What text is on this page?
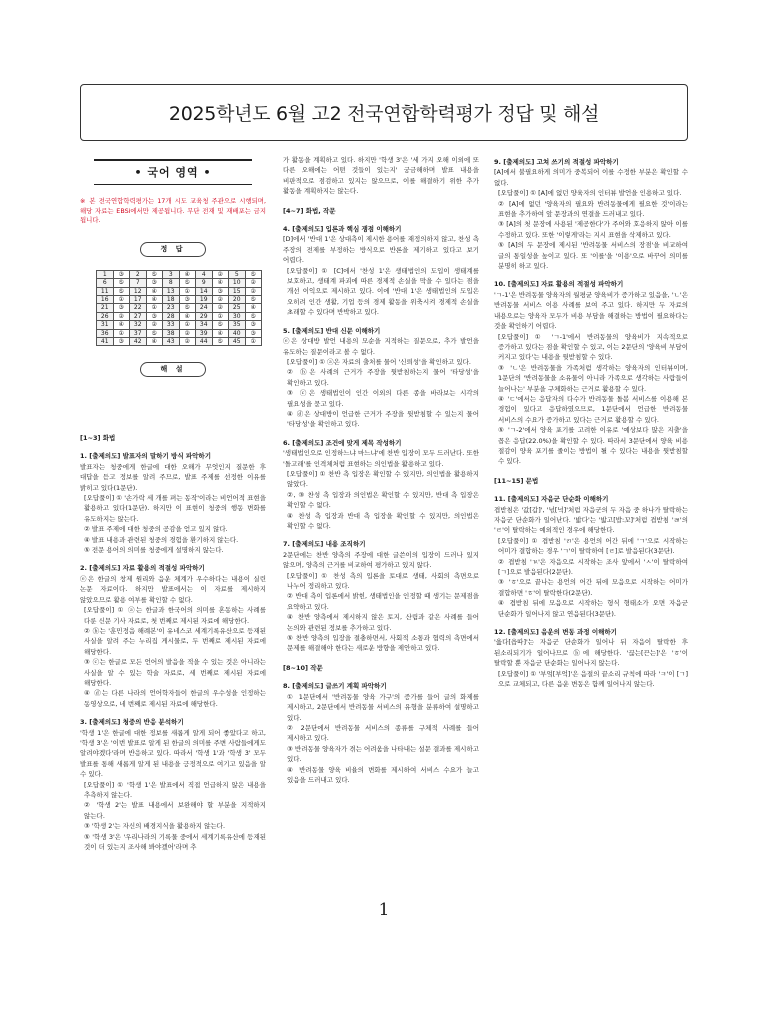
2025학년도 6월 고2 전국연합학력평가 정답 및 해설
• 국어 영역 •
※ 본 전국연합학력평가는 17개 시도 교육청 주관으로 시행되며, 해당 자료는 EBSi에서만 제공됩니다. 무단 전재 및 재배포는 금지됩니다.
정 답
1	③	2	⑤	3	④	4	②	5	⑤
6	⑤	7	③	8	⑤	9	④	10	②
11	⑤	12	④	13	①	14	③	15	②
16	①	17	④	18	③	19	②	20	⑤
21	③	22	①	23	⑤	24	②	25	④
26	②	27	③	28	④	29	①	30	⑤
31	④	32	②	33	①	34	⑤	35	③
36	①	37	⑤	38	②	39	④	40	③
41	③	42	④	43	②	44	⑤	45	①
해 설
[1~3] 화법
1. [출제의도] 발표자의 말하기 방식 파악하기
발표자는 청중에게 한글에 대한 오해가 무엇인지 질문한 후 대답을 듣고 정보를 알려 주므로, 발표 주제를 선정한 이유를 밝히고 있다(1문단).
[오답풀이] ① '손가락 세 개를 펴는 동작'이라는 비언어적 표현을 활용하고 있다(1문단). 하지만 이 표현이 청중의 행동 변화를 유도하지는 않는다.
② 발표 주제에 대한 청중의 공감을 얻고 있지 않다.
④ 발표 내용과 관련된 청중의 경험을 환기하지 않는다.
⑤ 전문 용어의 의미를 청중에게 설명하지 않는다.
2. [출제의도] 자료 활용의 적절성 파악하기
ⓔ은 한글의 창제 원리와 음운 체계가 우수하다는 내용이 실린 논문 자료이다. 하지만 발표에서는 이 자료를 제시하지 않았으므로 활용 여부를 확인할 수 없다.
[오답풀이] ① ⓐ는 한글과 한국어의 의미를 혼동하는 사례를 다룬 신문 기사 자료로, 첫 번째로 제시된 자료에 해당한다.
② ⓑ는 '훈민정음 해례본'이 유네스코 세계기록유산으로 등재된 사실을 알려 주는 누리집 게시물로, 두 번째로 제시된 자료에 해당한다.
③ ⓒ는 한글로 모든 언어의 발음을 적을 수 있는 것은 아니라는 사실을 알 수 있는 학술 자료로, 세 번째로 제시된 자료에 해당한다.
④ ⓓ는 다른 나라의 언어학자들이 한글의 우수성을 인정하는 동영상으로, 네 번째로 제시된 자료에 해당한다.
3. [출제의도] 청중의 반응 분석하기
'학생 1'은 한글에 대한 정보를 새롭게 알게 되어 좋았다고 하고, '학생 3'은 '이번 발표로 알게 된 한글의 의미를 주변 사람들에게도 알려야겠다'라며 반응하고 있다. 따라서 '학생 1'과 '학생 3' 모두 발표를 통해 새롭게 알게 된 내용을 긍정적으로 여기고 있음을 알 수 있다.
[오답풀이] ① '학생 1'은 발표에서 직접 언급하지 않은 내용을 추측하지 않는다.
② '학생 2'는 발표 내용에서 보완해야 할 부분을 지적하지 않는다.
③ '학생 2'는 자신의 배경지식을 활용하지 않는다.
⑤ '학생 3'은 '우리나라의 기록물 중에서 세계기록유산에 등재된 것이 더 있는지 조사해 봐야겠어'라며 추
가 활동을 계획하고 있다. 하지만 '학생 3'은 '세 가지 오해 이외에 또 다른 오해에는 어떤 것들이 있는지' 궁금해하며 발표 내용을 비판적으로 점검하고 있지는 않으므로, 이를 해결하기 위한 추가 활동을 계획하지는 않는다.
[4~7] 화법, 작문
4. [출제의도] 입론과 핵심 쟁점 이해하기
[D]에서 '반대 1'은 상대측이 제시한 용어를 재정의하지 않고, 찬성 측 주장의 전제를 부정하는 방식으로 반론을 제기하고 있다고 보기 어렵다.
[오답풀이] ① [C]에서 '찬성 1'은 생태법인의 도입이 생태계를 보호하고, 생태계 파괴에 따른 경제적 손실을 막을 수 있다는 점을 개선 이익으로 제시하고 있다. 이에 '반대 1'은 생태법인의 도입은 오히려 인간 생활, 기업 등의 경제 활동을 위축시켜 경제적 손실을 초래할 수 있다며 반박하고 있다.
5. [출제의도] 반대 신문 이해하기
ⓔ은 상대방 발언 내용의 모순을 지적하는 질문으로, 추가 발언을 유도하는 질문이라고 볼 수 없다.
[오답풀이] ① ⓐ은 자료의 출처를 물어 '신뢰성'을 확인하고 있다.
② ⓑ은 사례의 근거가 주장을 뒷받침하는지 물어 '타당성'을 확인하고 있다.
③ ⓒ은 생태법인이 인간 이외의 다른 종을 바라보는 시각의 필요성을 묻고 있다.
④ ⓓ은 상대방이 언급한 근거가 주장을 뒷받침할 수 있는지 물어 '타당성'을 확인하고 있다.
6. [출제의도] 조건에 맞게 제목 작성하기
'생태법인으로 인정하느냐 마느냐'에 찬반 입장이 모두 드러난다. 또한 '돌고래'를 인격체처럼 표현하는 의인법을 활용하고 있다.
[오답풀이] ① 찬반 측 입장은 확인할 수 있지만, 의인법을 활용하지 않았다.
②, ③ 찬성 측 입장과 의인법은 확인할 수 있지만, 반대 측 입장은 확인할 수 없다.
④ 찬성 측 입장과 반대 측 입장을 확인할 수 있지만, 의인법은 확인할 수 없다.
7. [출제의도] 내용 조직하기
2문단에는 찬반 양측의 주장에 대한 글쓴이의 입장이 드러나 있지 않으며, 양측의 근거를 비교하여 평가하고 있지 않다.
[오답풀이] ① 찬성 측의 입론을 토대로 생태, 사회의 측면으로 나누어 정리하고 있다.
② 반대 측이 입론에서 밝힌, 생태법인을 인정할 때 생기는 문제점을 요약하고 있다.
④ 찬반 양측에서 제시하지 않은 토지, 산림과 같은 사례를 들어 논의와 관련된 정보를 추가하고 있다.
⑤ 찬반 양측의 입장을 절충하면서, 사회적 소통과 협력의 측면에서 문제를 해결해야 한다는 새로운 방향을 제안하고 있다.
[8~10] 작문
8. [출제의도] 글쓰기 계획 파악하기
① 1문단에서 '반려동물 양육 가구'의 증가를 들어 글의 화제를 제시하고, 2문단에서 반려동물 서비스의 유형을 분류하여 설명하고 있다.
② 2문단에서 반려동물 서비스의 종류를 구체적 사례를 들어 제시하고 있다.
③ 반려동물 양육자가 겪는 어려움을 나타내는 설문 결과를 제시하고 있다.
④ 반려동물 양육 비율의 변화를 제시하여 서비스 수요가 늘고 있음을 드러내고 있다.
9. [출제의도] 고쳐 쓰기의 적절성 파악하기
[A]에서 불필요하게 의미가 중복되어 이를 수정한 부분은 확인할 수 없다.
[오답풀이] ① [A]에 없던 양육자의 인터뷰 발언을 인용하고 있다.
② [A]에 없던 '양육자의 필요와 반려동물에게 필요한 것'이라는 표현을 추가하여 앞 문장과의 연결을 드러내고 있다.
③ [A]의 첫 문장에 사용된 '제공한다'가 주어와 호응하지 않아 이를 수정하고 있다. 또한 '이렇게'라는 지시 표현을 삭제하고 있다.
⑤ [A]의 두 문장에 제시된 '반려동물 서비스의 장점'을 비교하여 글의 통일성을 높이고 있다. 또 '이를'을 '이용'으로 바꾸어 의미를 분명히 하고 있다.
10. [출제의도] 자료 활용의 적절성 파악하기
'ㄱ-1'은 반려동물 양육자의 월평균 양육비가 증가하고 있음을, 'ㄴ'은 반려동물 서비스 이용 사례를 보여 주고 있다. 하지만 두 자료의 내용으로는 양육자 모두가 비용 부담을 해결하는 방법이 필요하다는 것을 확인하기 어렵다.
[오답풀이] ① 'ㄱ-1'에서 반려동물의 양육비가 지속적으로 증가하고 있다는 점을 확인할 수 있고, 이는 2문단의 '양육비 부담이 커지고 있다'는 내용을 뒷받침할 수 있다.
③ 'ㄴ'은 반려동물을 가족처럼 생각하는 양육자의 인터뷰이며, 1문단의 '반려동물을 소유물이 아니라 가족으로 생각하는 사람들이 늘어나는' 부분을 구체화하는 근거로 활용할 수 있다.
④ 'ㄷ'에서는 응답자의 다수가 반려동물 돌봄 서비스를 이용해 본 경험이 있다고 응답하였으므로, 1문단에서 언급한 반려동물 서비스의 수요가 증가하고 있다는 근거로 활용할 수 있다.
⑤ 'ㄱ-2'에서 양육 포기를 고려한 이유로 '예상보다 많은 지출'을 꼽은 응답(22.0%)을 확인할 수 있다. 따라서 3문단에서 양육 비용 절감이 양육 포기를 줄이는 방법이 될 수 있다는 내용을 뒷받침할 수 있다.
[11~15] 문법
11. [출제의도] 자음군 단순화 이해하기
겹받침은 '값[갑]', '넋[넉]'처럼 자음군의 두 자음 중 하나가 탈락하는 자음군 단순화가 일어난다. '밟다'는 '밟고[밥:꼬]'처럼 겹받침 'ㄼ'의 'ㄹ'이 탈락하는 예외적인 경우에 해당한다.
[오답풀이] ① 겹받침 'ㄺ'은 용언의 어간 뒤에 'ㄱ'으로 시작하는 어미가 결합하는 경우 'ㄱ'이 탈락하여 [ㄹ]로 발음된다(3문단).
② 겹받침 'ㄳ'은 자음으로 시작하는 조사 앞에서 'ㅅ'이 탈락하여 [ㄱ]으로 발음된다(2문단).
③ 'ㅎ'으로 끝나는 용언의 어간 뒤에 모음으로 시작하는 어미가 결합하면 'ㅎ'이 탈락한다(2문단).
④ 겹받침 뒤에 모음으로 시작하는 형식 형태소가 오면 자음군 단순화가 일어나지 않고 연음된다(3문단).
12. [출제의도] 음운의 변동 과정 이해하기
'읊다[읍따]'는 자음군 단순화가 일어나 뒤 자음이 탈락한 후 된소리되기가 일어나므로 ⓑ에 해당한다. '끊는[끈는]'은 'ㅎ'이 탈락할 뿐 자음군 단순화는 일어나지 않는다.
[오답풀이] ① '부엌[부억]'은 음절의 끝소리 규칙에 따라 'ㅋ'이 [ㄱ]으로 교체되고, 다른 음운 변동은 함께 일어나지 않는다.
1
